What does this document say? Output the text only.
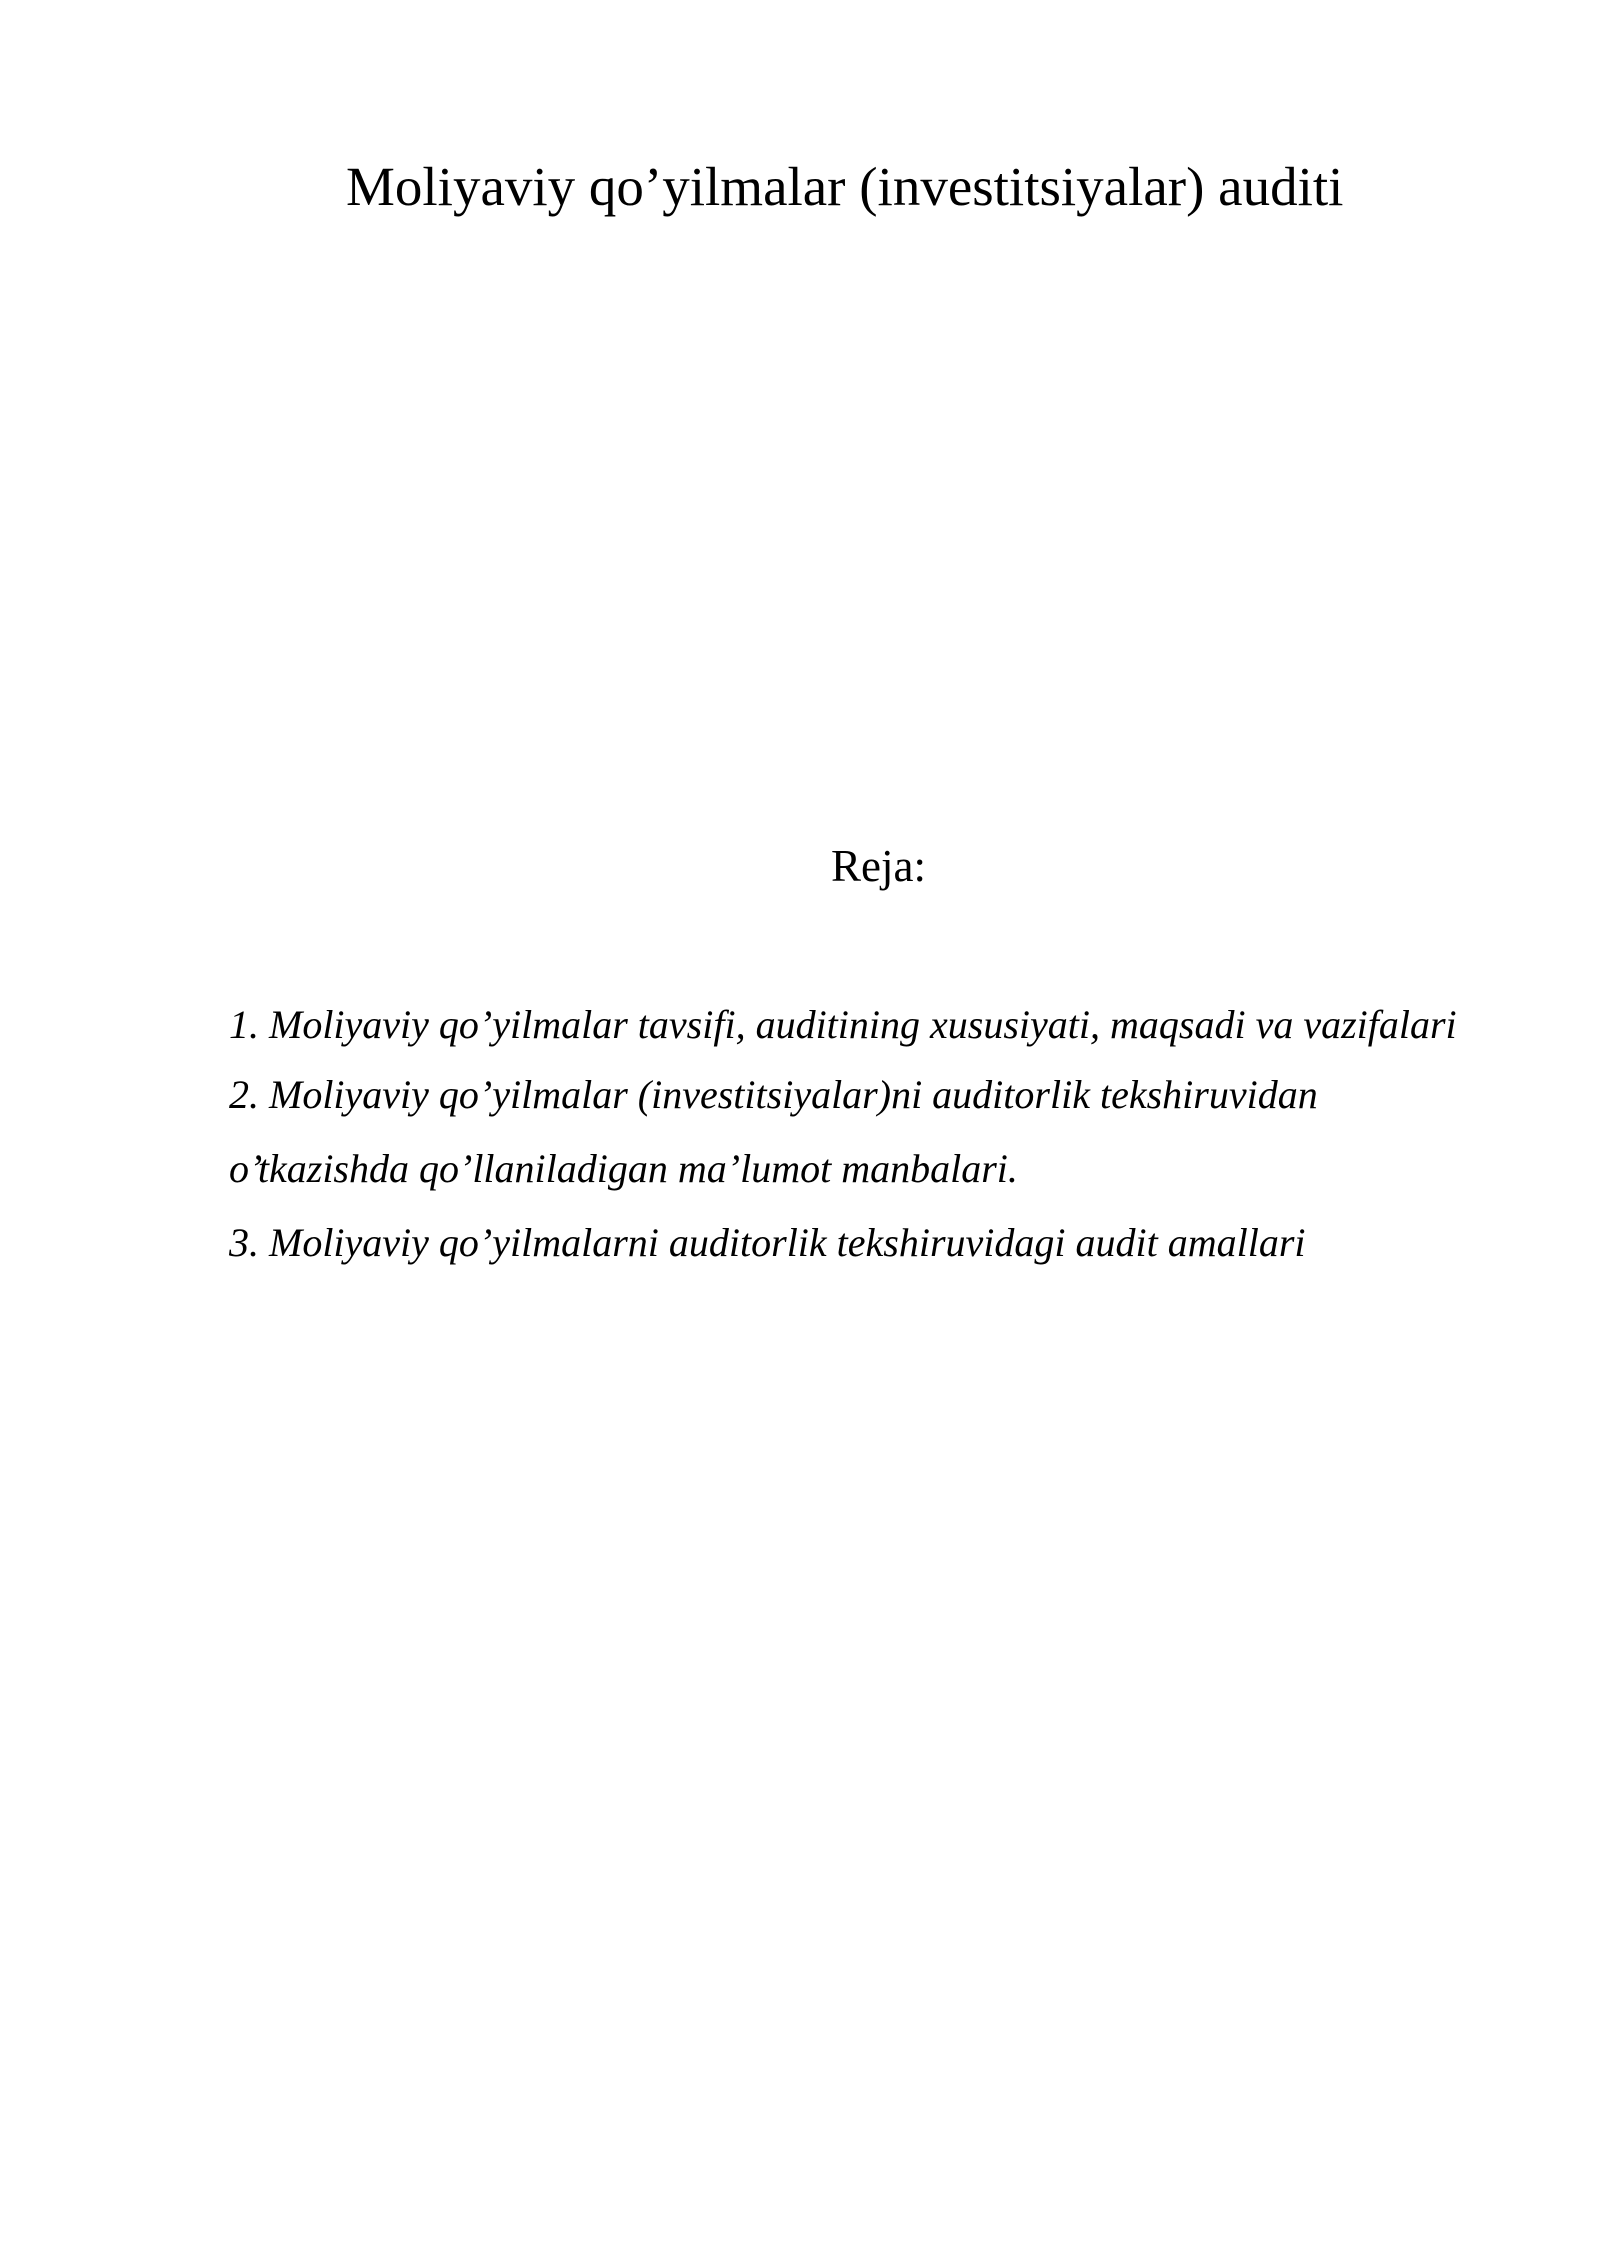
Moliyaviy qo’yilmalar (investitsiyalar) auditi
Reja:
1. Moliyaviy qo’yilmalar tavsifi, auditining xususiyati, maqsadi va vazifalari
2. Moliyaviy qo’yilmalar (investitsiyalar)ni auditorlik tekshiruvidan
o’tkazishda qo’llaniladigan ma’lumot manbalari.
3. Moliyaviy qo’yilmalarni auditorlik tekshiruvidagi audit amallari
